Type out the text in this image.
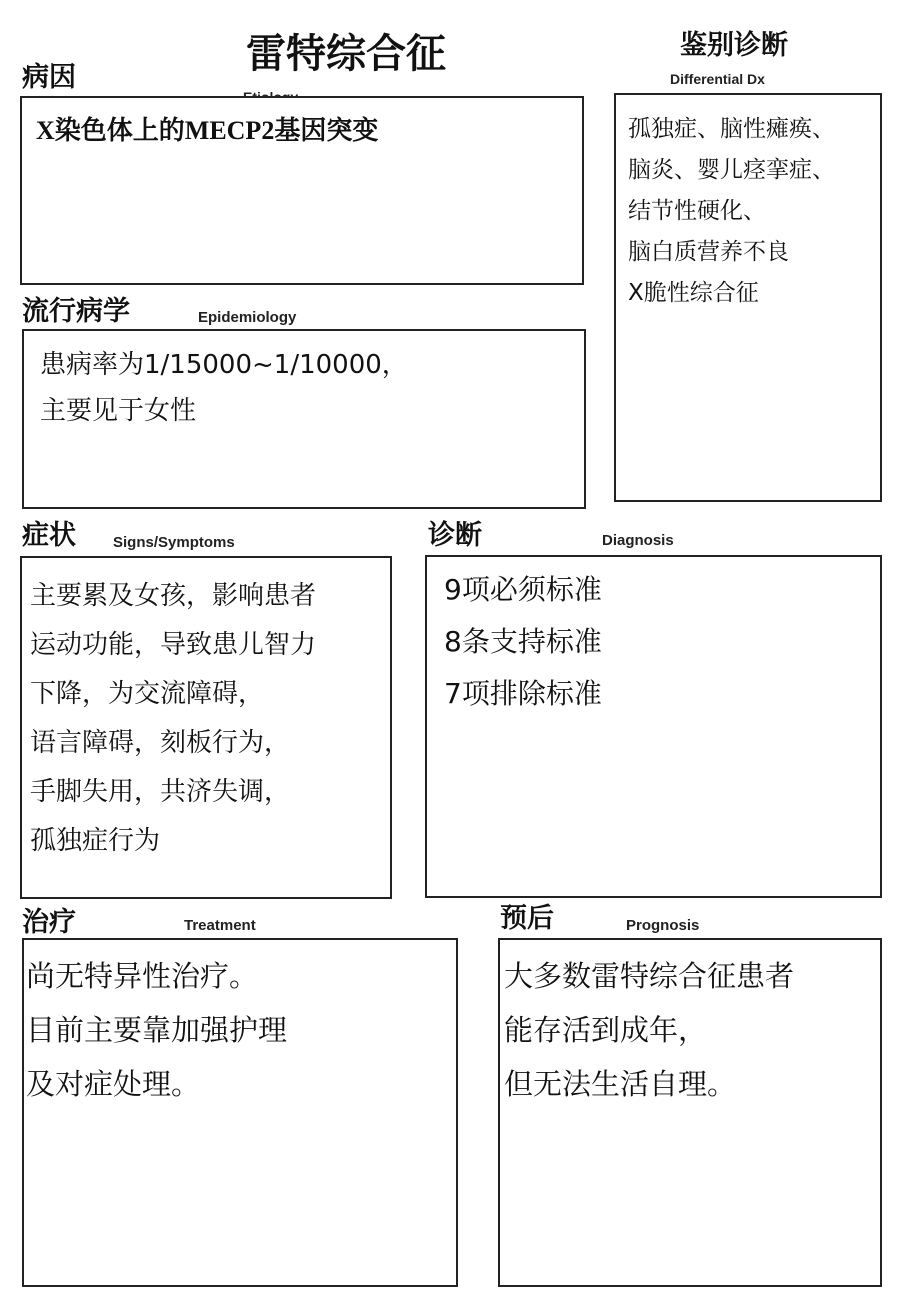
雷特综合征
病因
X染色体上的MECP2基因突变
流行病学	Epidemiology
患病率为1/15000~1/10000，
主要见于女性
鉴别诊断
Differential Dx
孤独症、脑性瘫痪、
脑炎、婴儿痉挛症、
结节性硬化、
脑白质营养不良
X脆性综合征
症状 Signs/Symptoms
主要累及女孩，影响患者
运动功能，导致患儿智力
下降，为交流障碍，
语言障碍，刻板行为，
手脚失用，共济失调，
孤独症行为
诊断	Diagnosis
9项必须标准
8条支持标准
7项排除标准
治疗	Treatment
尚无特异性治疗。
目前主要靠加强护理
及对症处理。
预后	Prognosis
大多数雷特综合征患者
能存活到成年，
但无法生活自理。
